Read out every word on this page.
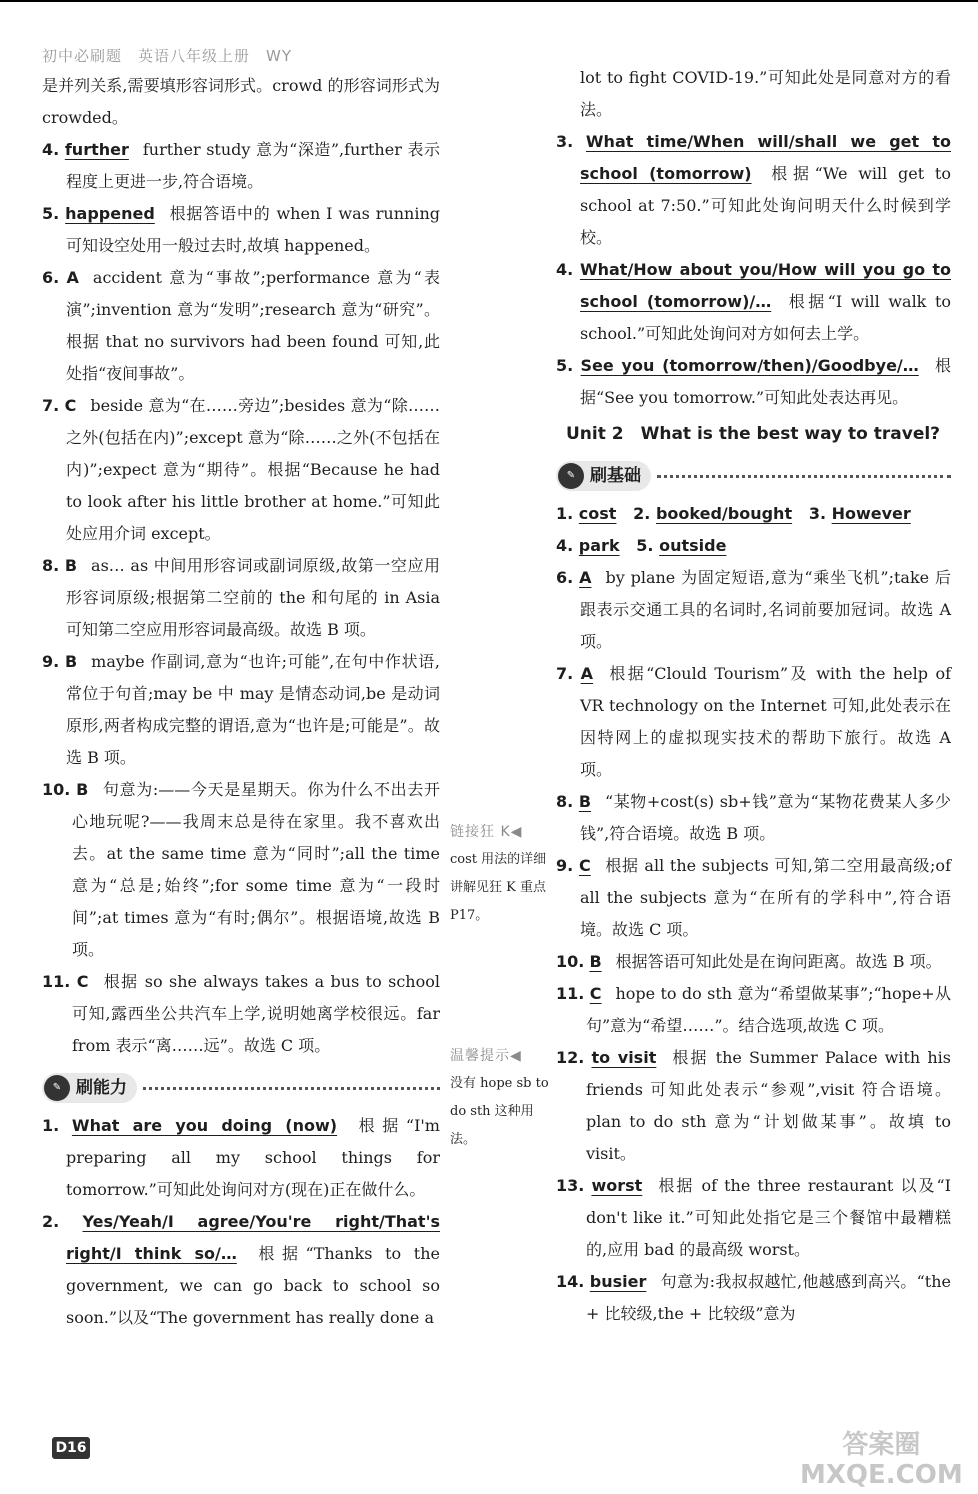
初中必刷题　英语八年级上册　WY
是并列关系,需要填形容词形式。crowd 的形容词形式为 crowded。
4. further further study 意为“深造”,further 表示程度上更进一步,符合语境。
5. happened 根据答语中的 when I was running 可知设空处用一般过去时,故填 happened。
6. A accident 意为“事故”;performance 意为“表演”;invention 意为“发明”;research 意为“研究”。根据 that no survivors had been found 可知,此处指“夜间事故”。
7. C beside 意为“在……旁边”;besides 意为“除……之外(包括在内)”;except 意为“除……之外(不包括在内)”;expect 意为“期待”。根据“Because he had to look after his little brother at home.”可知此处应用介词 except。
8. B as… as 中间用形容词或副词原级,故第一空应用形容词原级;根据第二空前的 the 和句尾的 in Asia 可知第二空应用形容词最高级。故选 B 项。
9. B maybe 作副词,意为“也许;可能”,在句中作状语,常位于句首;may be 中 may 是情态动词,be 是动词原形,两者构成完整的谓语,意为“也许是;可能是”。故选 B 项。
10. B 句意为:——今天是星期天。你为什么不出去开心地玩呢?——我周末总是待在家里。我不喜欢出去。at the same time 意为“同时”;all the time 意为“总是;始终”;for some time 意为“一段时间”;at times 意为“有时;偶尔”。根据语境,故选 B 项。
11. C 根据 so she always takes a bus to school 可知,露西坐公共汽车上学,说明她离学校很远。far from 表示“离……远”。故选 C 项。
✎ 刷能力
1. What are you doing (now) 根据“I'm preparing all my school things for tomorrow.”可知此处询问对方(现在)正在做什么。
2. Yes/Yeah/I agree/You're right/That's right/I think so/… 根据“Thanks to the government, we can go back to school so soon.”以及“The government has really done a
链接狂 K◀
cost 用法的详细讲解见狂 K 重点 P17。
温馨提示◀
没有 hope sb to do sth 这种用法。
lot to fight COVID-19.”可知此处是同意对方的看法。
3. What time/When will/shall we get to school (tomorrow) 根据“We will get to school at 7:50.”可知此处询问明天什么时候到学校。
4. What/How about you/How will you go to school (tomorrow)/… 根据“I will walk to school.”可知此处询问对方如何去上学。
5. See you (tomorrow/then)/Goodbye/… 根据“See you tomorrow.”可知此处表达再见。
Unit 2　What is the best way to travel?
✎ 刷基础
1. cost 2. booked/bought 3. However
4. park 5. outside
6. A by plane 为固定短语,意为“乘坐飞机”;take 后跟表示交通工具的名词时,名词前要加冠词。故选 A 项。
7. A 根据“Clould Tourism”及 with the help of VR technology on the Internet 可知,此处表示在因特网上的虚拟现实技术的帮助下旅行。故选 A 项。
8. B “某物+cost(s) sb+钱”意为“某物花费某人多少钱”,符合语境。故选 B 项。
9. C 根据 all the subjects 可知,第二空用最高级;of all the subjects 意为“在所有的学科中”,符合语境。故选 C 项。
10. B 根据答语可知此处是在询问距离。故选 B 项。
11. C hope to do sth 意为“希望做某事”;“hope+从句”意为“希望……”。结合选项,故选 C 项。
12. to visit 根据 the Summer Palace with his friends 可知此处表示“参观”,visit 符合语境。plan to do sth 意为“计划做某事”。故填 to visit。
13. worst 根据 of the three restaurant 以及“I don't like it.”可知此处指它是三个餐馆中最糟糕的,应用 bad 的最高级 worst。
14. busier 句意为:我叔叔越忙,他越感到高兴。“the + 比较级,the + 比较级”意为
D16	答案圈
MXQE.COM
